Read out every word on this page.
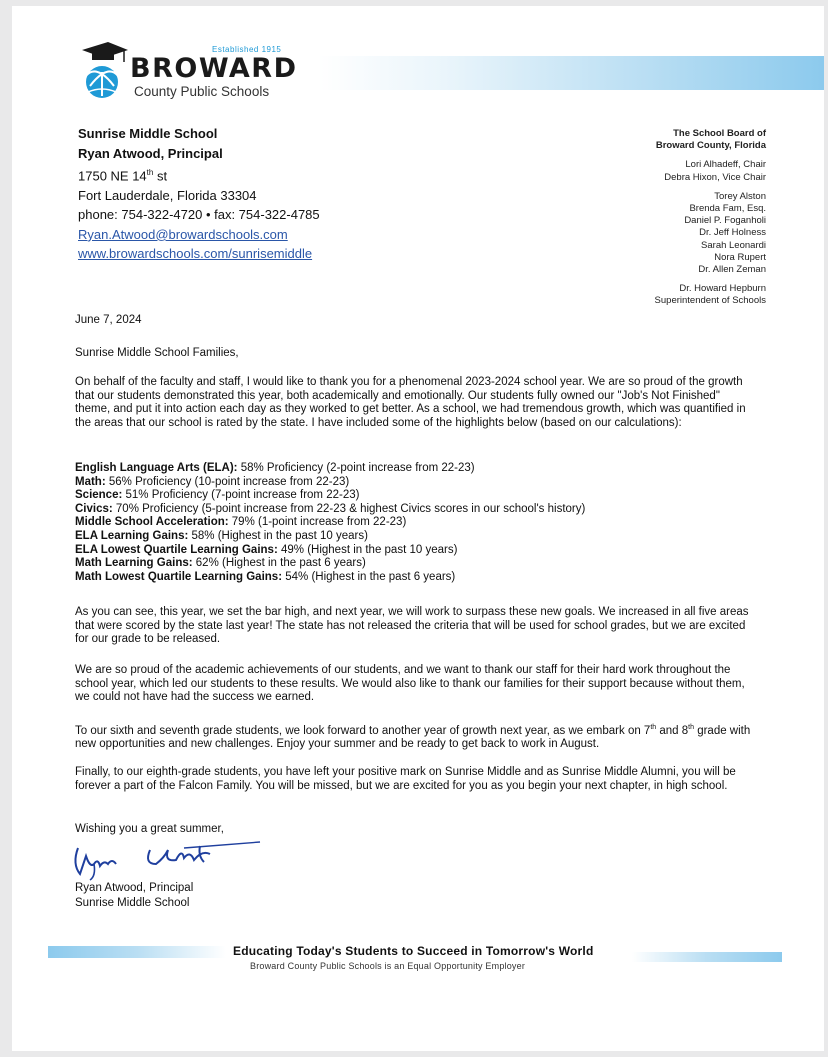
Established 1915
BROWARD
County Public Schools
Sunrise Middle School
Ryan Atwood, Principal
1750 NE 14th st
Fort Lauderdale, Florida 33304
phone: 754-322-4720 • fax: 754-322-4785
Ryan.Atwood@browardschools.com
www.browardschools.com/sunrisemiddle
The School Board of
Broward County, Florida
Lori Alhadeff, Chair
Debra Hixon, Vice Chair
Torey Alston
Brenda Fam, Esq.
Daniel P. Foganholi
Dr. Jeff Holness
Sarah Leonardi
Nora Rupert
Dr. Allen Zeman
Dr. Howard Hepburn
Superintendent of Schools
June 7, 2024
Sunrise Middle School Families,
On behalf of the faculty and staff, I would like to thank you for a phenomenal 2023-2024 school year. We are so proud of the growth that our students demonstrated this year, both academically and emotionally. Our students fully owned our "Job's Not Finished" theme, and put it into action each day as they worked to get better. As a school, we had tremendous growth, which was quantified in the areas that our school is rated by the state. I have included some of the highlights below (based on our calculations):
English Language Arts (ELA): 58% Proficiency (2-point increase from 22-23)
Math: 56% Proficiency (10-point increase from 22-23)
Science: 51% Proficiency (7-point increase from 22-23)
Civics: 70% Proficiency (5-point increase from 22-23 & highest Civics scores in our school's history)
Middle School Acceleration: 79% (1-point increase from 22-23)
ELA Learning Gains: 58% (Highest in the past 10 years)
ELA Lowest Quartile Learning Gains: 49% (Highest in the past 10 years)
Math Learning Gains: 62% (Highest in the past 6 years)
Math Lowest Quartile Learning Gains: 54% (Highest in the past 6 years)
As you can see, this year, we set the bar high, and next year, we will work to surpass these new goals. We increased in all five areas that were scored by the state last year! The state has not released the criteria that will be used for school grades, but we are excited for our grade to be released.
We are so proud of the academic achievements of our students, and we want to thank our staff for their hard work throughout the school year, which led our students to these results. We would also like to thank our families for their support because without them, we could not have had the success we earned.
To our sixth and seventh grade students, we look forward to another year of growth next year, as we embark on 7th and 8th grade with new opportunities and new challenges. Enjoy your summer and be ready to get back to work in August.
Finally, to our eighth-grade students, you have left your positive mark on Sunrise Middle and as Sunrise Middle Alumni, you will be forever a part of the Falcon Family. You will be missed, but we are excited for you as you begin your next chapter, in high school.
Wishing you a great summer,
Ryan Atwood, Principal
Sunrise Middle School
Educating Today's Students to Succeed in Tomorrow's World
Broward County Public Schools is an Equal Opportunity Employer
